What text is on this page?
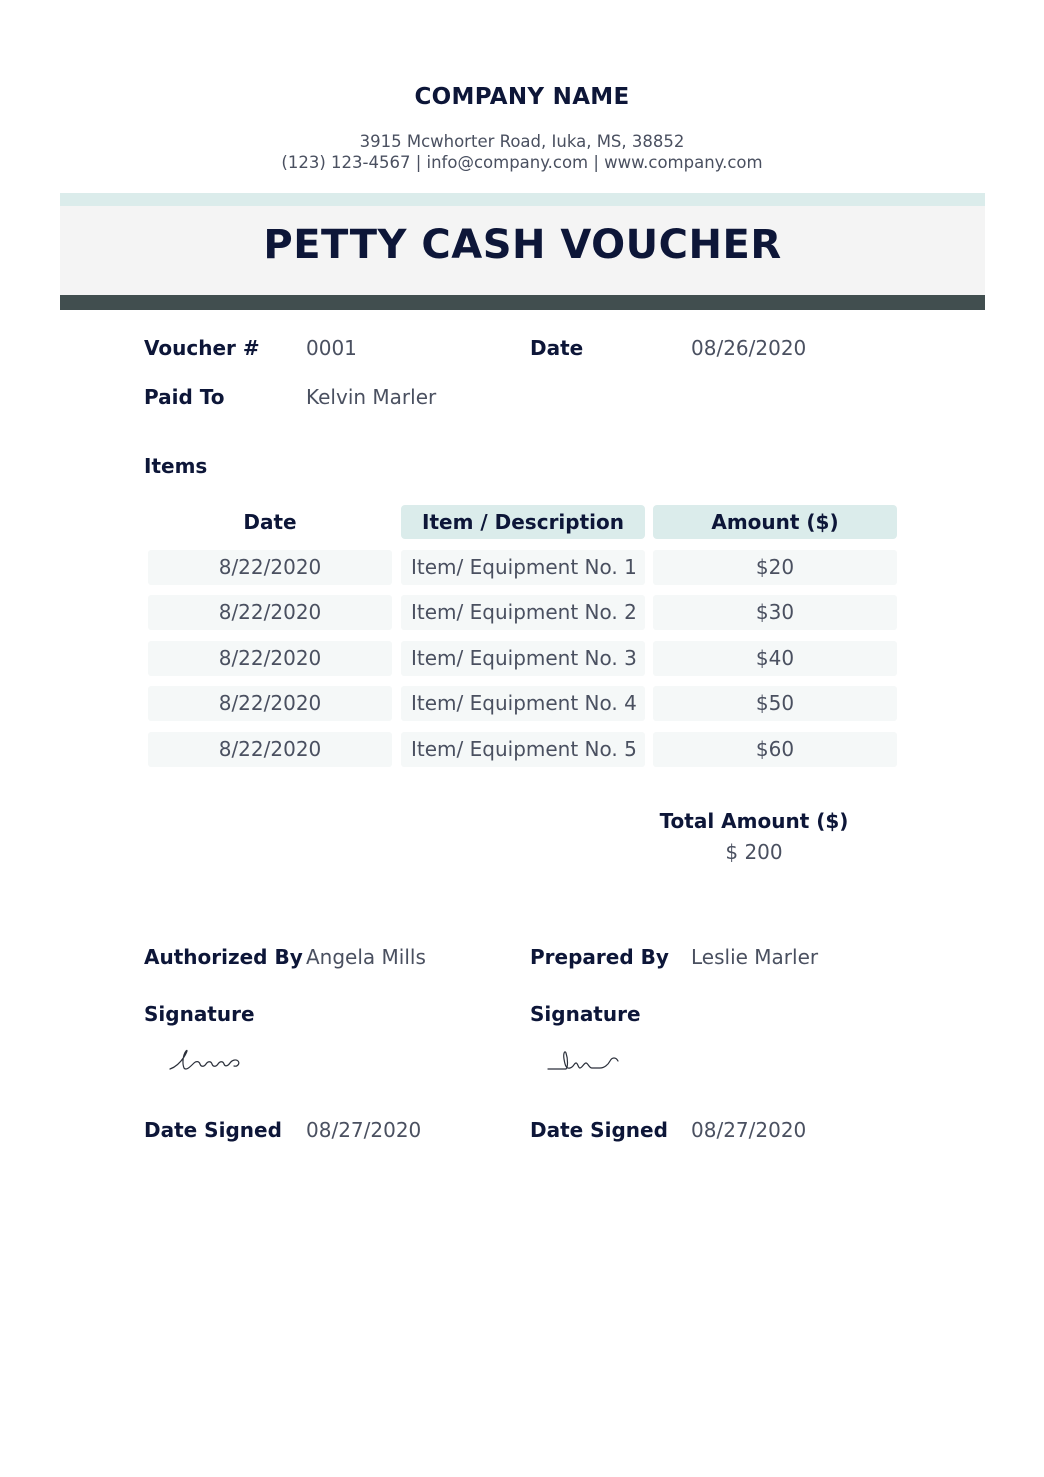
COMPANY NAME
3915 Mcwhorter Road, Iuka, MS, 38852
(123) 123-4567 | info@company.com | www.company.com
PETTY CASH VOUCHER
Voucher # 0001	Date	08/26/2020
Paid To	Kelvin Marler
Items
Date	Item / Description	Amount ($)
8/22/2020	Item/ Equipment No. 1	$20
8/22/2020	Item/ Equipment No. 2	$30
8/22/2020	Item/ Equipment No. 3	$40
8/22/2020	Item/ Equipment No. 4	$50
8/22/2020	Item/ Equipment No. 5	$60
Total Amount ($)
$ 200
Authorized By Angela Mills	Prepared By Leslie Marler
Signature	Signature
Date Signed 08/27/2020	Date Signed 08/27/2020
